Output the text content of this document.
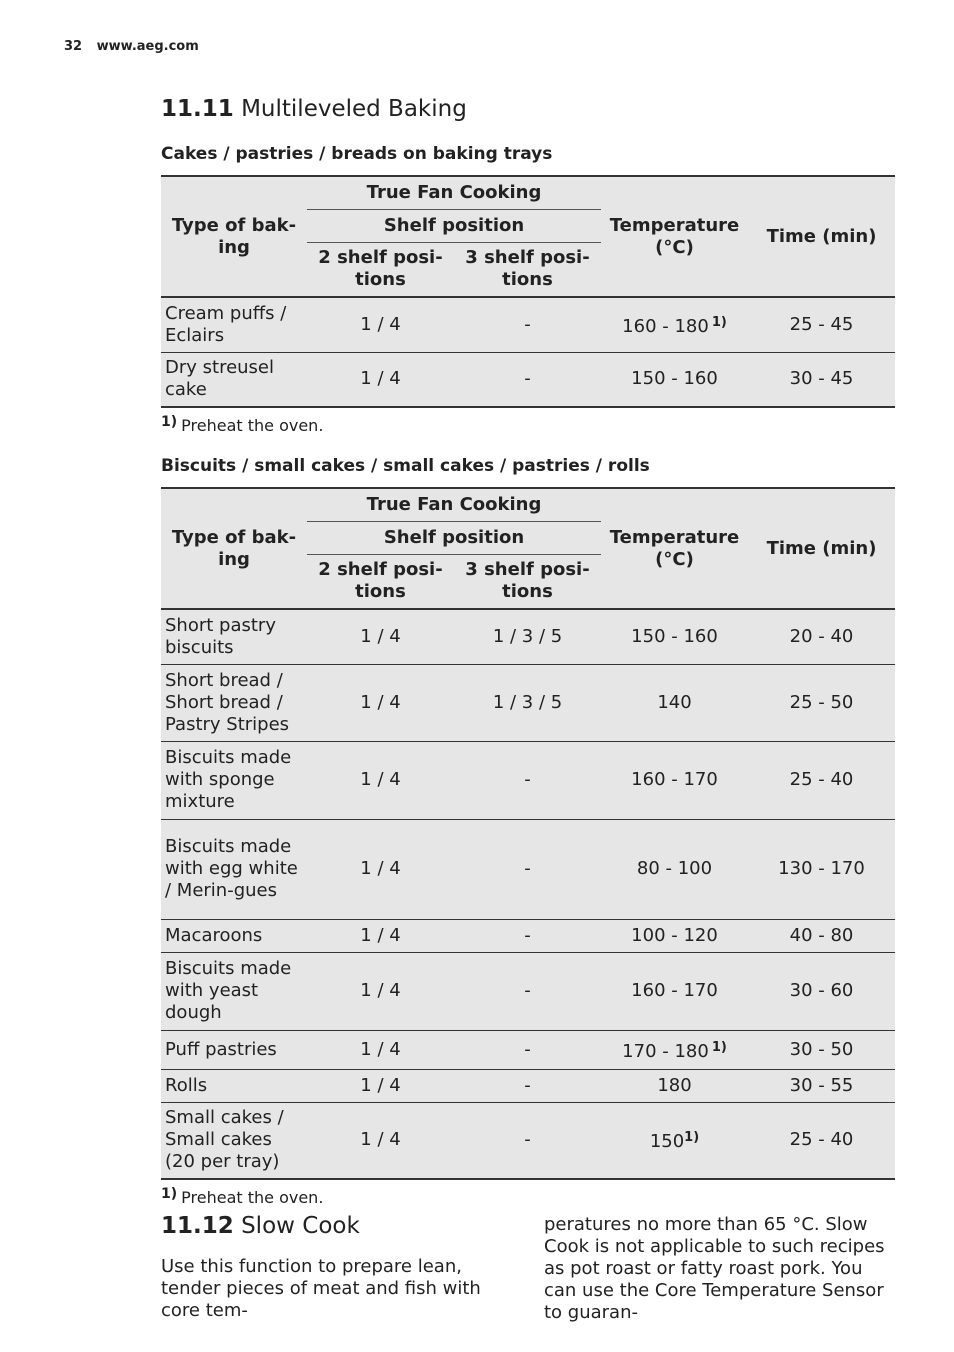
32 www.aeg.com
11.11 Multileveled Baking
Cakes / pastries / breads on baking trays
Type of bak-ing	True Fan Cooking		Temperature (°C)	Time (min)
	Shelf position			
	2 shelf posi-tions	3 shelf posi-tions		
Cream puffs / Eclairs	1 / 4	-	160 - 180 $^{1)}$	25 - 45
Dry streusel cake	1 / 4	-	150 - 160	30 - 45
1) Preheat the oven.
Biscuits / small cakes / small cakes / pastries / rolls
Type of bak-ing	True Fan Cooking		Temperature (°C)	Time (min)
	Shelf position			
	2 shelf posi-tions	3 shelf posi-tions		
Short pastry biscuits	1 / 4	1 / 3 / 5	150 - 160	20 - 40
Short bread / Short bread / Pastry Stripes	1 / 4	1 / 3 / 5	140	25 - 50
Biscuits made with sponge mixture	1 / 4	-	160 - 170	25 - 40
Biscuits made with egg white / Merin-gues	1 / 4	-	80 - 100	130 - 170
Macaroons	1 / 4	-	100 - 120	40 - 80
Biscuits made with yeast dough	1 / 4	-	160 - 170	30 - 60
Puff pastries	1 / 4	-	170 - 180 $^{1)}$	30 - 50
Rolls	1 / 4	-	180	30 - 55
Small cakes / Small cakes (20 per tray)	1 / 4	-	150$^{1)}$	25 - 40
1) Preheat the oven.
11.12 Slow Cook
Use this function to prepare lean, tender pieces of meat and fish with core tem-
peratures no more than 65 °C. Slow Cook is not applicable to such recipes as pot roast or fatty roast pork. You can use the Core Temperature Sensor to guaran-
